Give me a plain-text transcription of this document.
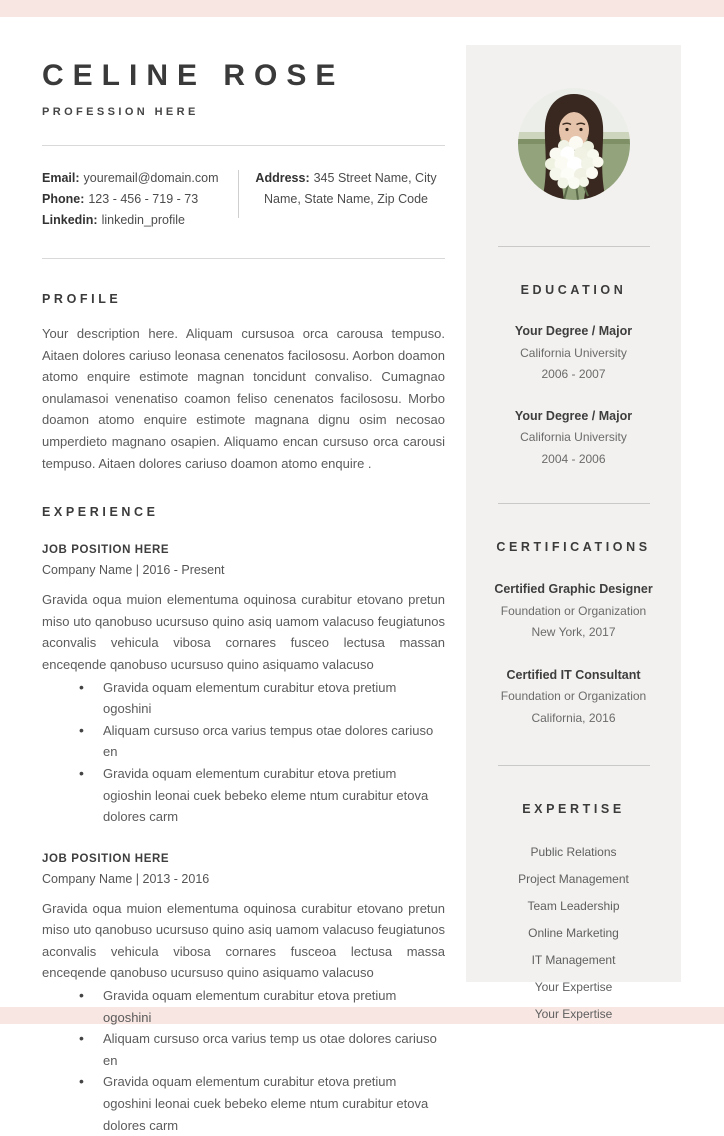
CELINE ROSE
PROFESSION HERE
Email: youremail@domain.com
Phone: 123 - 456 - 719 - 73
Linkedin: linkedin_profile
Address: 345 Street Name, City Name, State Name, Zip Code
PROFILE

Your description here. Aliquam cursusoa orca carousa tempuso. Aitaen dolores cariuso leonasa cenenatos facilososu. Aorbon doamon atomo enquire estimote magnan toncidunt convaliso. Cumagnao onulamasoi venenatiso coamon feliso cenenatos facilososu. Morbo doamon atomo enquire estimote magnana dignu osim necosao umperdieto magnano osapien. Aliquamo encan cursuso orca carousi tempuso. Aitaen dolores cariuso doamon atomo enquire .

EXPERIENCE
JOB POSITION HERE
Company Name | 2016 - Present

Gravida oqua muion elementuma oquinosa curabitur etovano pretun miso uto qanobuso ucursuso quino asiq uamom valacuso feugiatunos aconvalis vehicula vibosa cornares fusceo lectusa massan enceqende qanobuso ucursuso quino asiquamo valacuso

• Gravida oquam elementum curabitur etova pretium ogoshini
• Aliquam cursuso orca varius tempus otae dolores cariuso en
• Gravida oquam elementum curabitur etova pretium ogioshin leonai cuek bebeko eleme ntum curabitur etova dolores carm
JOB POSITION HERE
Company Name | 2013 - 2016

Gravida oqua muion elementuma oquinosa curabitur etovano pretun miso uto qanobuso ucursuso quino asiq uamom valacuso feugiatunos aconvalis vehicula vibosa cornares fusceoa lectusa massa enceqende qanobuso ucursuso quino asiquamo valacuso

• Gravida oquam elementum curabitur etova pretium ogoshini
• Aliquam cursuso orca varius temp us otae dolores cariuso en
• Gravida oquam elementum curabitur etova pretium ogoshini leonai cuek bebeko eleme ntum curabitur etova dolores carm
EDUCATION
Your Degree / Major
California University
2006 - 2007
Your Degree / Major
California University
2004 - 2006
CERTIFICATIONS
Certified Graphic Designer
Foundation or Organization
New York, 2017
Certified IT Consultant
Foundation or Organization
California, 2016
EXPERTISE
Public Relations
Project Management
Team Leadership
Online Marketing
IT Management
Your Expertise
Your Expertise
